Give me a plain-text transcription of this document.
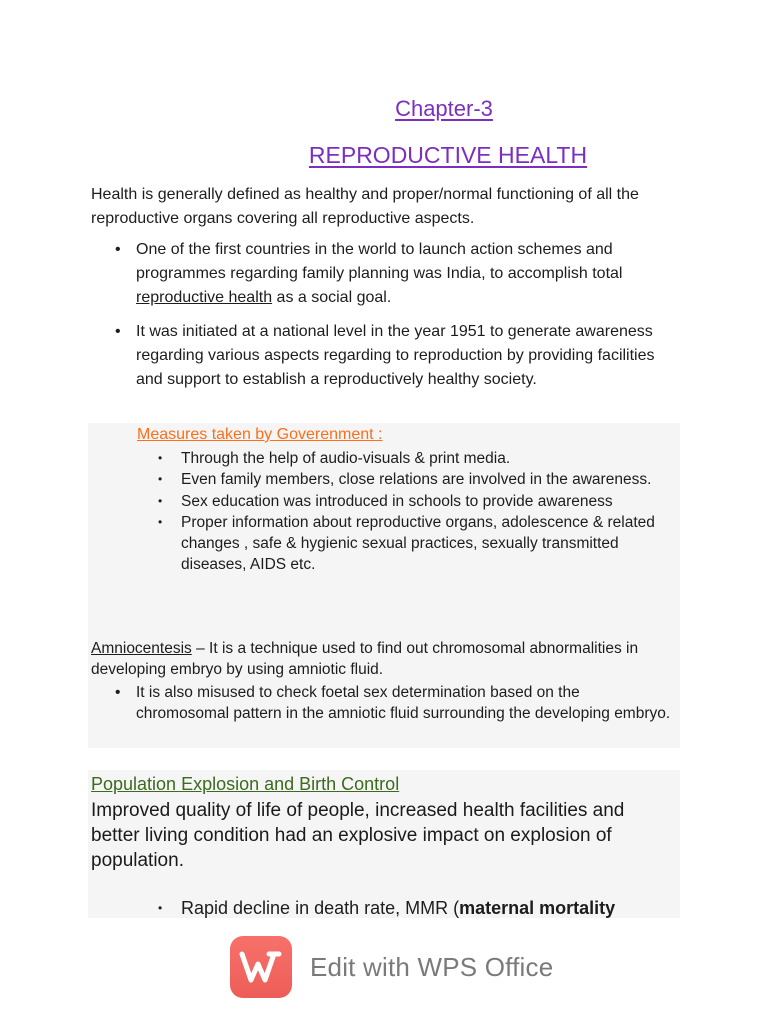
Chapter-3
REPRODUCTIVE HEALTH
Health is generally defined as healthy and proper/normal functioning of all the reproductive organs covering all reproductive aspects.
• One of the first countries in the world to launch action schemes and programmes regarding family planning was India, to accomplish total reproductive health as a social goal.
• It was initiated at a national level in the year 1951 to generate awareness regarding various aspects regarding to reproduction by providing facilities and support to establish a reproductively healthy society.
Measures taken by Goverenment :
• Through the help of audio-visuals & print media.
• Even family members, close relations are involved in the awareness.
• Sex education was introduced in schools to provide awareness
• Proper information about reproductive organs, adolescence & related changes , safe & hygienic sexual practices, sexually transmitted diseases, AIDS etc.
Amniocentesis – It is a technique used to find out chromosomal abnormalities in developing embryo by using amniotic fluid.
• It is also misused to check foetal sex determination based on the chromosomal pattern in the amniotic fluid surrounding the developing embryo.
Population Explosion and Birth Control
Improved quality of life of people, increased health facilities and better living condition had an explosive impact on explosion of population.
• Rapid decline in death rate, MMR (maternal mortality
Edit with WPS Office
